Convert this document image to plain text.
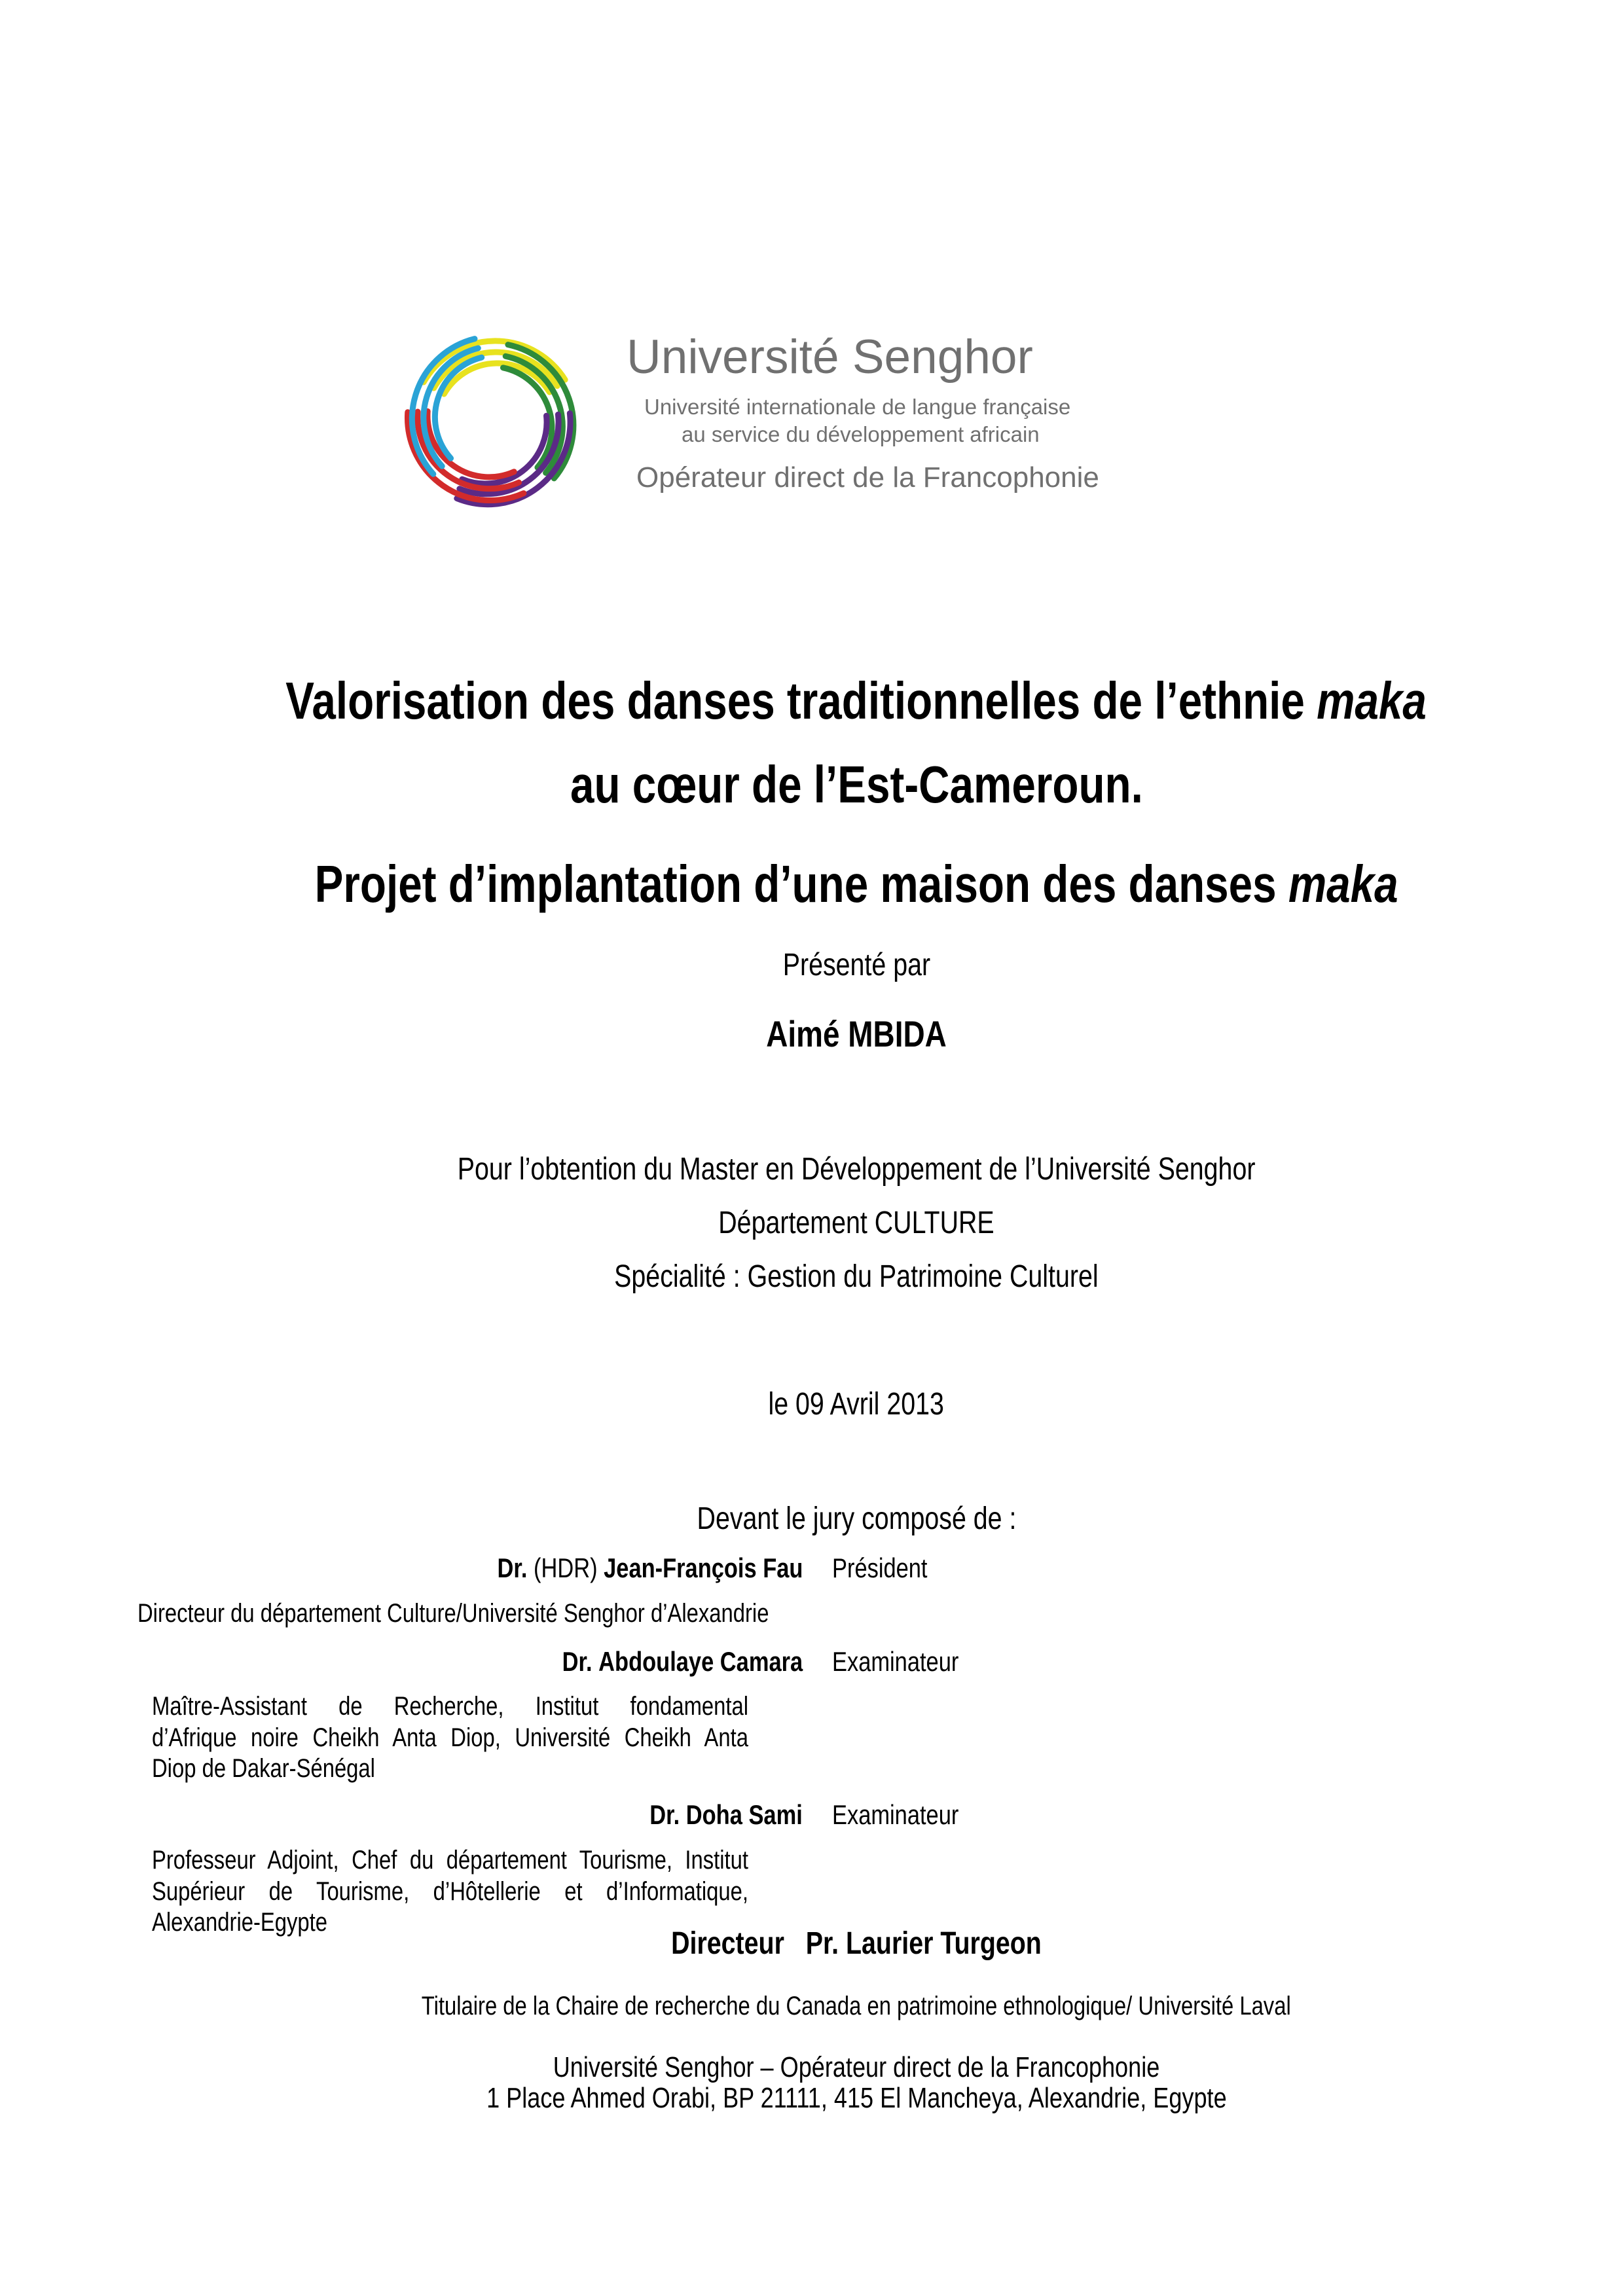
Université Senghor
Université internationale de langue française
au service du développement africain
Opérateur direct de la Francophonie
Valorisation des danses traditionnelles de l’ethnie maka
au cœur de l’Est-Cameroun.
Projet d’implantation d’une maison des danses maka
Présenté par
Aimé MBIDA
Pour l’obtention du Master en Développement de l’Université Senghor
Département CULTURE
Spécialité : Gestion du Patrimoine Culturel
le 09 Avril 2013
Devant le jury composé de :
Dr. (HDR) Jean-François Fau Président
Directeur du département Culture/Université Senghor d’Alexandrie
Dr. Abdoulaye Camara Examinateur
Maître-Assistant de Recherche, Institut fondamental
d’Afrique noire Cheikh Anta Diop, Université Cheikh Anta
Diop de Dakar-Sénégal
Dr. Doha Sami Examinateur
Professeur Adjoint, Chef du département Tourisme, Institut
Supérieur de Tourisme, d’Hôtellerie et d’Informatique,
Alexandrie-Egypte
Directeur Pr. Laurier Turgeon
Titulaire de la Chaire de recherche du Canada en patrimoine ethnologique/ Université Laval
Université Senghor – Opérateur direct de la Francophonie
1 Place Ahmed Orabi, BP 21111, 415 El Mancheya, Alexandrie, Egypte
